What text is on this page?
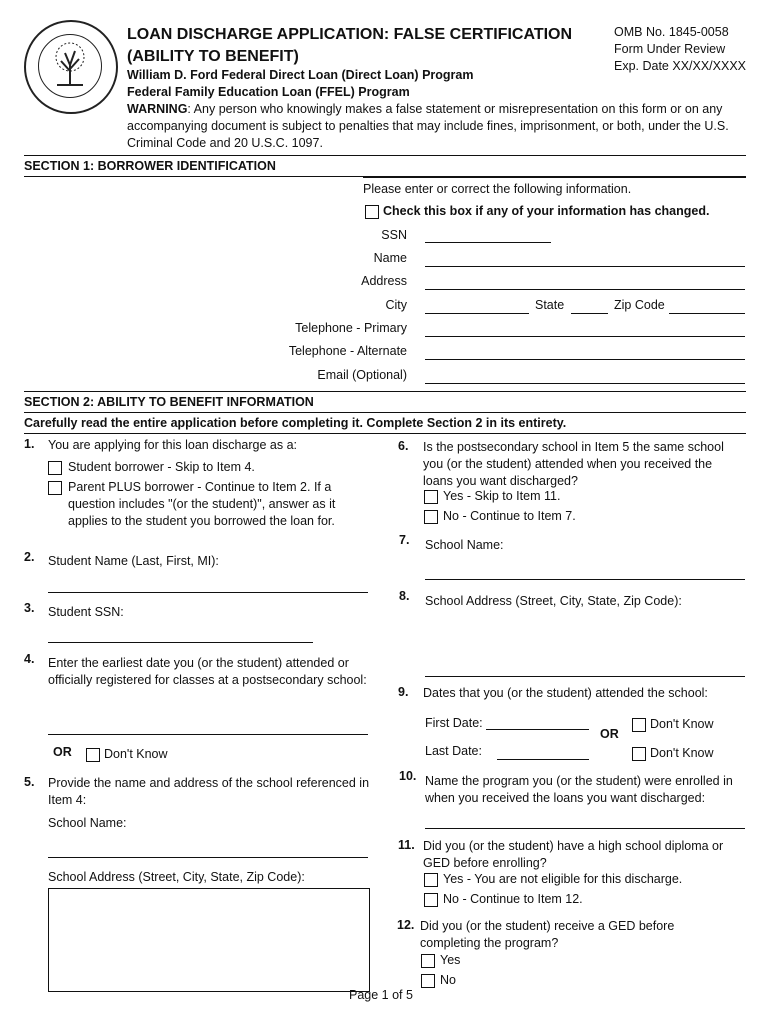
LOAN DISCHARGE APPLICATION: FALSE CERTIFICATION
(ABILITY TO BENEFIT)
OMB No. 1845-0058
Form Under Review
Exp. Date XX/XX/XXXX
William D. Ford Federal Direct Loan (Direct Loan) Program
Federal Family Education Loan (FFEL) Program
WARNING: Any person who knowingly makes a false statement or misrepresentation on this form or on any accompanying document is subject to penalties that may include fines, imprisonment, or both, under the U.S. Criminal Code and 20 U.S.C. 1097.
SECTION 1: BORROWER IDENTIFICATION
Please enter or correct the following information.
Check this box if any of your information has changed.
SSN
Name
Address
City	State	Zip Code
Telephone - Primary
Telephone - Alternate
Email (Optional)
SECTION 2: ABILITY TO BENEFIT INFORMATION
Carefully read the entire application before completing it. Complete Section 2 in its entirety.
1. You are applying for this loan discharge as a:
Student borrower - Skip to Item 4.
Parent PLUS borrower - Continue to Item 2. If a question includes "(or the student)", answer as it applies to the student you borrowed the loan for.
2. Student Name (Last, First, MI):
3. Student SSN:
4. Enter the earliest date you (or the student) attended or officially registered for classes at a postsecondary school:
OR	Don't Know
5. Provide the name and address of the school referenced in Item 4:
School Name:
School Address (Street, City, State, Zip Code):
6. Is the postsecondary school in Item 5 the same school you (or the student) attended when you received the loans you want discharged?
Yes - Skip to Item 11.
No - Continue to Item 7.
7. School Name:
8. School Address (Street, City, State, Zip Code):
9. Dates that you (or the student) attended the school:
First Date:
OR
Don't Know
Last Date:	Don't Know
10. Name the program you (or the student) were enrolled in when you received the loans you want discharged:
11. Did you (or the student) have a high school diploma or GED before enrolling?
Yes - You are not eligible for this discharge.
No - Continue to Item 12.
12. Did you (or the student) receive a GED before completing the program?
Yes
No
Page 1 of 5
